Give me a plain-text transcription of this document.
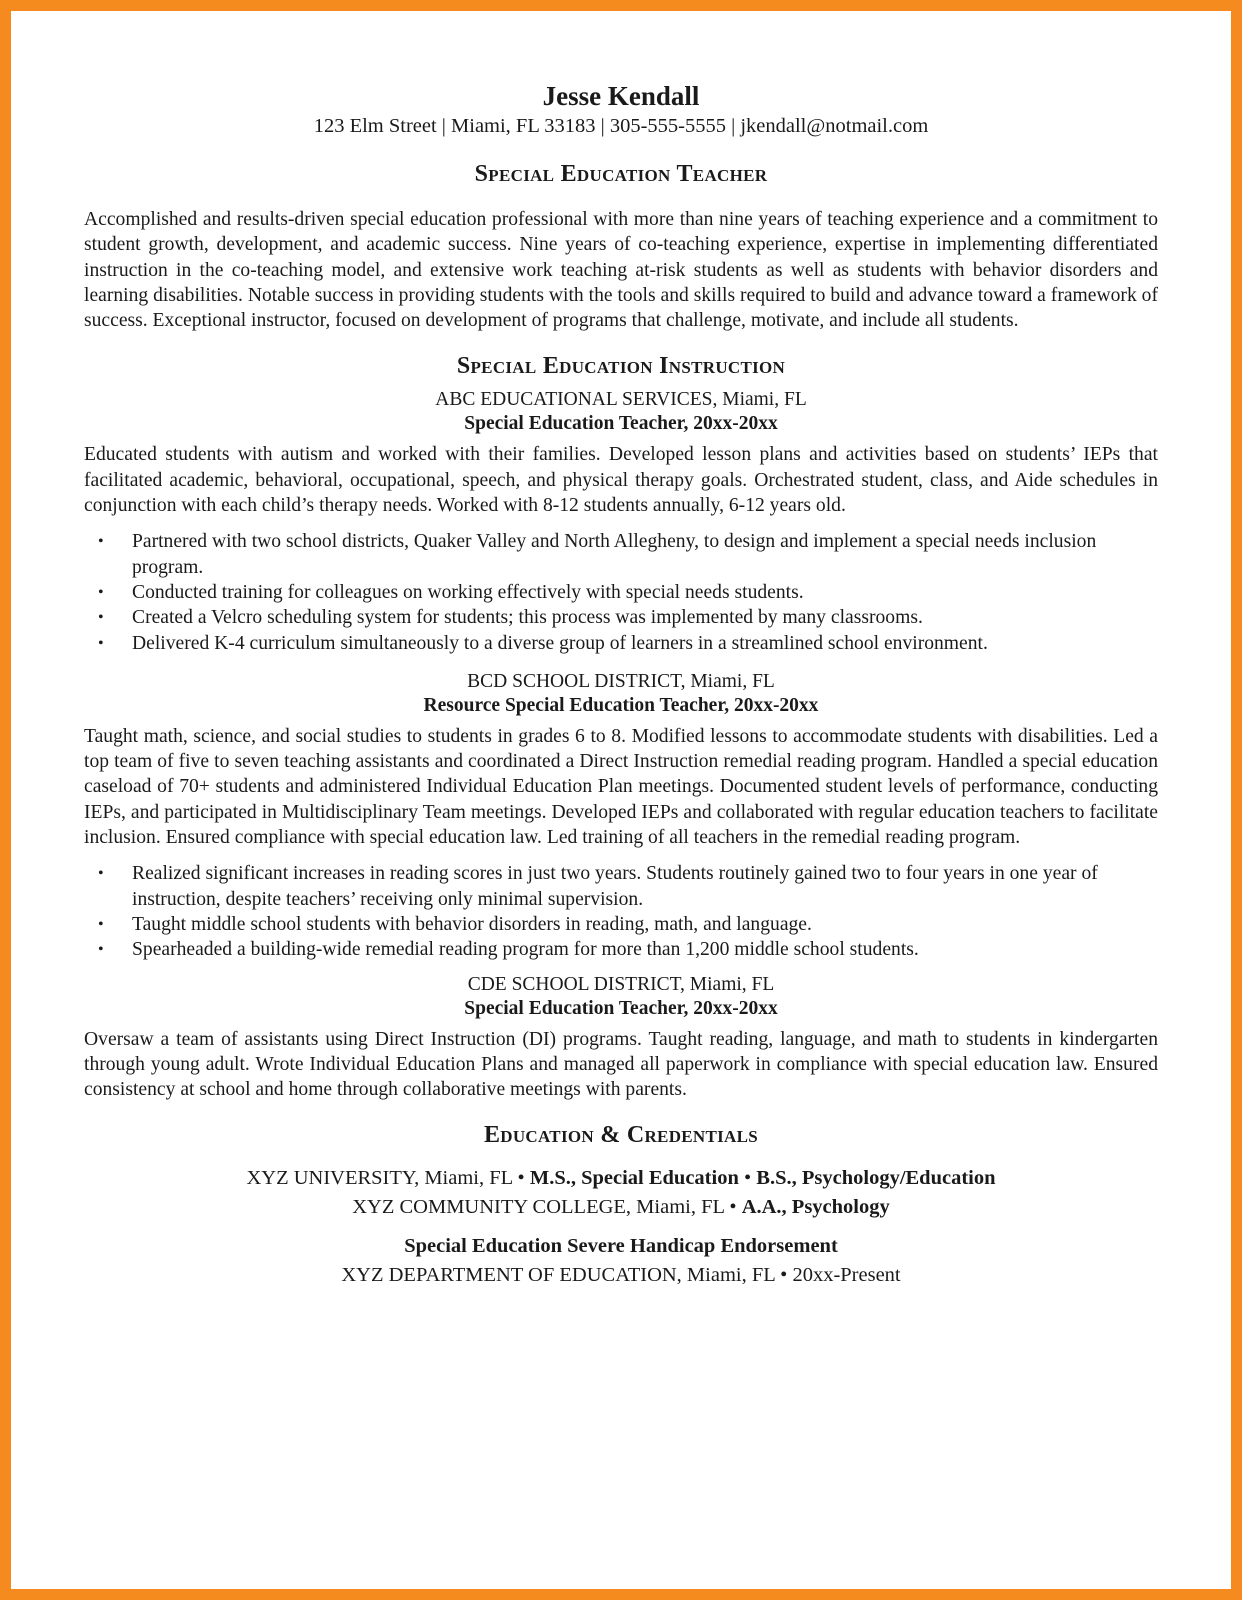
Jesse Kendall

123 Elm Street | Miami, FL 33183 | 305-555-5555 | jkendall@notmail.com

Special Education Teacher

Accomplished and results-driven special education professional with more than nine years of teaching experience and a commitment to student growth, development, and academic success. Nine years of co-teaching experience, expertise in implementing differentiated instruction in the co-teaching model, and extensive work teaching at-risk students as well as students with behavior disorders and learning disabilities. Notable success in providing students with the tools and skills required to build and advance toward a framework of success. Exceptional instructor, focused on development of programs that challenge, motivate, and include all students.

Special Education Instruction

ABC EDUCATIONAL SERVICES, Miami, FL

Special Education Teacher, 20xx-20xx

Educated students with autism and worked with their families. Developed lesson plans and activities based on students’ IEPs that facilitated academic, behavioral, occupational, speech, and physical therapy goals. Orchestrated student, class, and Aide schedules in conjunction with each child’s therapy needs. Worked with 8-12 students annually, 6-12 years old.

• Partnered with two school districts, Quaker Valley and North Allegheny, to design and implement a special needs inclusion program.
• Conducted training for colleagues on working effectively with special needs students.
• Created a Velcro scheduling system for students; this process was implemented by many classrooms.
• Delivered K-4 curriculum simultaneously to a diverse group of learners in a streamlined school environment.

BCD SCHOOL DISTRICT, Miami, FL

Resource Special Education Teacher, 20xx-20xx

Taught math, science, and social studies to students in grades 6 to 8. Modified lessons to accommodate students with disabilities. Led a top team of five to seven teaching assistants and coordinated a Direct Instruction remedial reading program. Handled a special education caseload of 70+ students and administered Individual Education Plan meetings. Documented student levels of performance, conducting IEPs, and participated in Multidisciplinary Team meetings. Developed IEPs and collaborated with regular education teachers to facilitate inclusion. Ensured compliance with special education law. Led training of all teachers in the remedial reading program.

• Realized significant increases in reading scores in just two years. Students routinely gained two to four years in one year of instruction, despite teachers’ receiving only minimal supervision.
• Taught middle school students with behavior disorders in reading, math, and language.
• Spearheaded a building-wide remedial reading program for more than 1,200 middle school students.

CDE SCHOOL DISTRICT, Miami, FL

Special Education Teacher, 20xx-20xx

Oversaw a team of assistants using Direct Instruction (DI) programs. Taught reading, language, and math to students in kindergarten through young adult. Wrote Individual Education Plans and managed all paperwork in compliance with special education law. Ensured consistency at school and home through collaborative meetings with parents.

Education & Credentials

XYZ UNIVERSITY, Miami, FL • M.S., Special Education • B.S., Psychology/Education

XYZ COMMUNITY COLLEGE, Miami, FL • A.A., Psychology

Special Education Severe Handicap Endorsement

XYZ DEPARTMENT OF EDUCATION, Miami, FL • 20xx-Present
